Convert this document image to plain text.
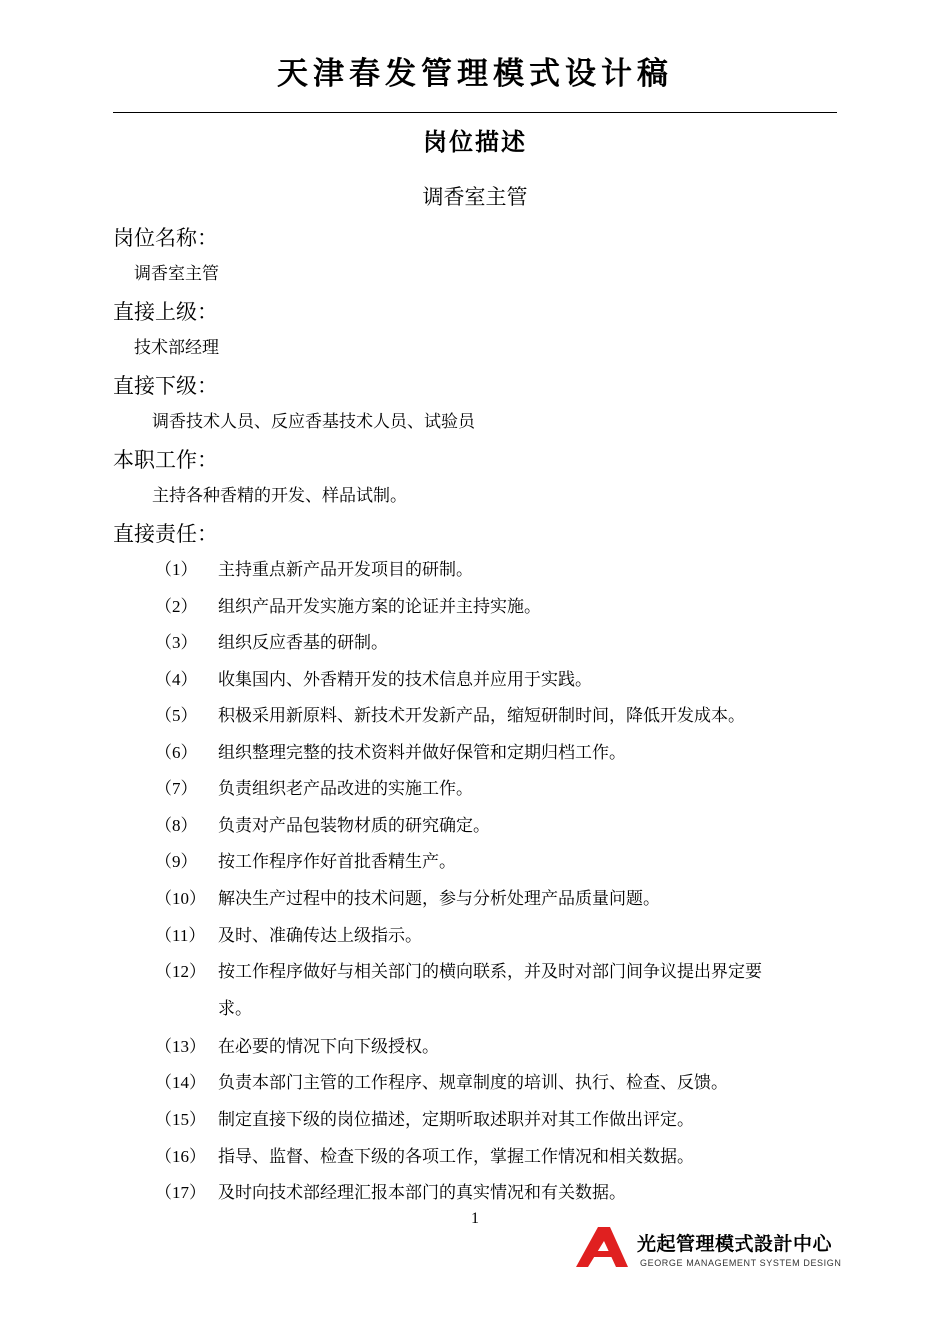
天津春发管理模式设计稿
岗位描述
调香室主管
岗位名称：
调香室主管
直接上级：
技术部经理
直接下级：
调香技术人员、反应香基技术人员、试验员
本职工作：
主持各种香精的开发、样品试制。
直接责任：
（1）	主持重点新产品开发项目的研制。
（2）	组织产品开发实施方案的论证并主持实施。
（3）	组织反应香基的研制。
（4）	收集国内、外香精开发的技术信息并应用于实践。
（5）	积极采用新原料、新技术开发新产品，缩短研制时间，降低开发成本。
（6）	组织整理完整的技术资料并做好保管和定期归档工作。
（7）	负责组织老产品改进的实施工作。
（8）	负责对产品包装物材质的研究确定。
（9）	按工作程序作好首批香精生产。
（10） 解决生产过程中的技术问题，参与分析处理产品质量问题。
（11） 及时、准确传达上级指示。
（12） 按工作程序做好与相关部门的横向联系，并及时对部门间争议提出界定要
求。
（13） 在必要的情况下向下级授权。
（14） 负责本部门主管的工作程序、规章制度的培训、执行、检查、反馈。
（15） 制定直接下级的岗位描述，定期听取述职并对其工作做出评定。
（16） 指导、监督、检查下级的各项工作，掌握工作情况和相关数据。
（17） 及时向技术部经理汇报本部门的真实情况和有关数据。
1
光起管理模式設計中心
GEORGE MANAGEMENT SYSTEM DESIGN
